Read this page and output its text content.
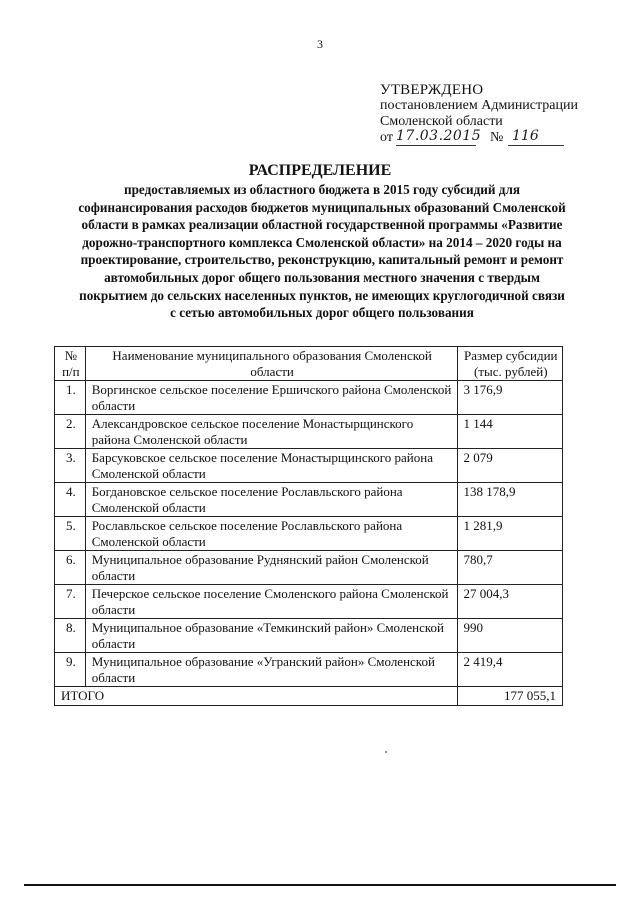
3
УТВЕРЖДЕНО
постановлением Администрации
Смоленской области
от 17.03.2015 № 116
РАСПРЕДЕЛЕНИЕ
предоставляемых из областного бюджета в 2015 году субсидий для софинансирования расходов бюджетов муниципальных образований Смоленской области в рамках реализации областной государственной программы «Развитие дорожно-транспортного комплекса Смоленской области» на 2014 – 2020 годы на проектирование, строительство, реконструкцию, капитальный ремонт и ремонт автомобильных дорог общего пользования местного значения с твердым покрытием до сельских населенных пунктов, не имеющих круглогодичной связи с сетью автомобильных дорог общего пользования
№ п/п	Наименование муниципального образования Смоленской области	Размер субсидии (тыс. рублей)
1.	Воргинское сельское поселение Ершичского района Смоленской области	3 176,9
2.	Александровское сельское поселение Монастырщинского района Смоленской области	1 144
3.	Барсуковское сельское поселение Монастырщинского района Смоленской области	2 079
4.	Богдановское сельское поселение Рославльского района Смоленской области	138 178,9
5.	Рославльское сельское поселение Рославльского района Смоленской области	1 281,9
6.	Муниципальное образование Руднянский район Смоленской области	780,7
7.	Печерское сельское поселение Смоленского района Смоленской области	27 004,3
8.	Муниципальное образование «Темкинский район» Смоленской области	990
9.	Муниципальное образование «Угранский район» Смоленской области	2 419,4
ИТОГО		177 055,1
